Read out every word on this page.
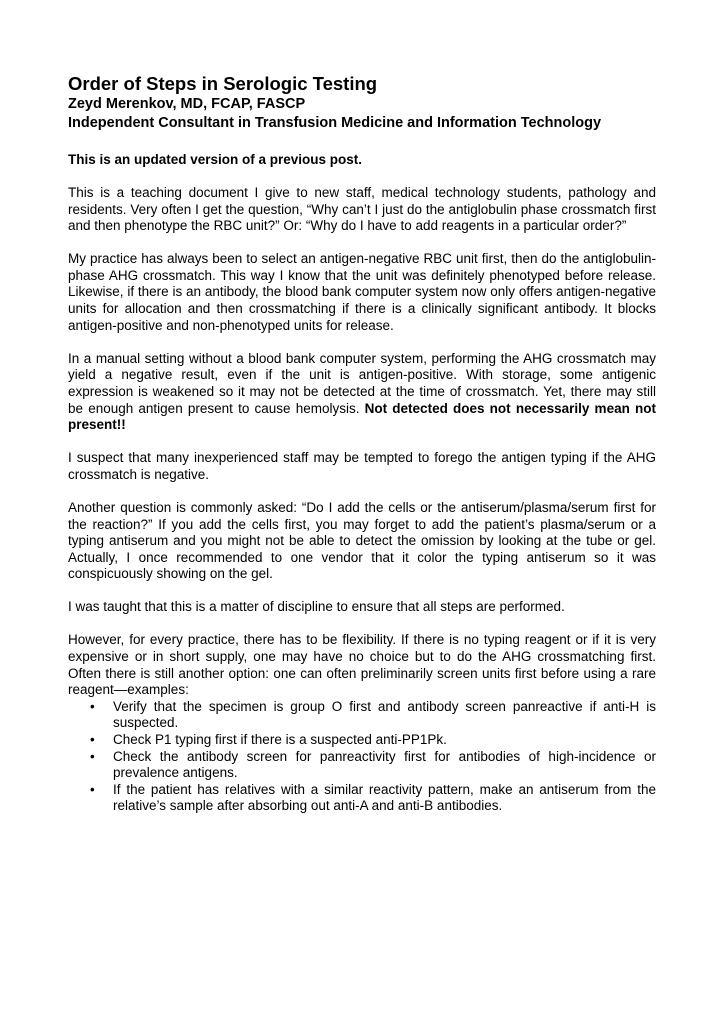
Order of Steps in Serologic Testing
Zeyd Merenkov, MD, FCAP, FASCP
Independent Consultant in Transfusion Medicine and Information Technology
This is an updated version of a previous post.

This is a teaching document I give to new staff, medical technology students, pathology and residents. Very often I get the question, “Why can’t I just do the antiglobulin phase crossmatch first and then phenotype the RBC unit?” Or: “Why do I have to add reagents in a particular order?”

My practice has always been to select an antigen-negative RBC unit first, then do the antiglobulin-phase AHG crossmatch. This way I know that the unit was definitely phenotyped before release. Likewise, if there is an antibody, the blood bank computer system now only offers antigen-negative units for allocation and then crossmatching if there is a clinically significant antibody. It blocks antigen-positive and non-phenotyped units for release.

In a manual setting without a blood bank computer system, performing the AHG crossmatch may yield a negative result, even if the unit is antigen-positive. With storage, some antigenic expression is weakened so it may not be detected at the time of crossmatch. Yet, there may still be enough antigen present to cause hemolysis. Not detected does not necessarily mean not present!!

I suspect that many inexperienced staff may be tempted to forego the antigen typing if the AHG crossmatch is negative.

Another question is commonly asked: “Do I add the cells or the antiserum/plasma/serum first for the reaction?” If you add the cells first, you may forget to add the patient’s plasma/serum or a typing antiserum and you might not be able to detect the omission by looking at the tube or gel. Actually, I once recommended to one vendor that it color the typing antiserum so it was conspicuously showing on the gel.

I was taught that this is a matter of discipline to ensure that all steps are performed.

However, for every practice, there has to be flexibility. If there is no typing reagent or if it is very expensive or in short supply, one may have no choice but to do the AHG crossmatching first. Often there is still another option: one can often preliminarily screen units first before using a rare reagent—examples:

• Verify that the specimen is group O first and antibody screen panreactive if anti-H is suspected.
• Check P1 typing first if there is a suspected anti-PP1Pk.
• Check the antibody screen for panreactivity first for antibodies of high-incidence or prevalence antigens.
• If the patient has relatives with a similar reactivity pattern, make an antiserum from the relative’s sample after absorbing out anti-A and anti-B antibodies.
